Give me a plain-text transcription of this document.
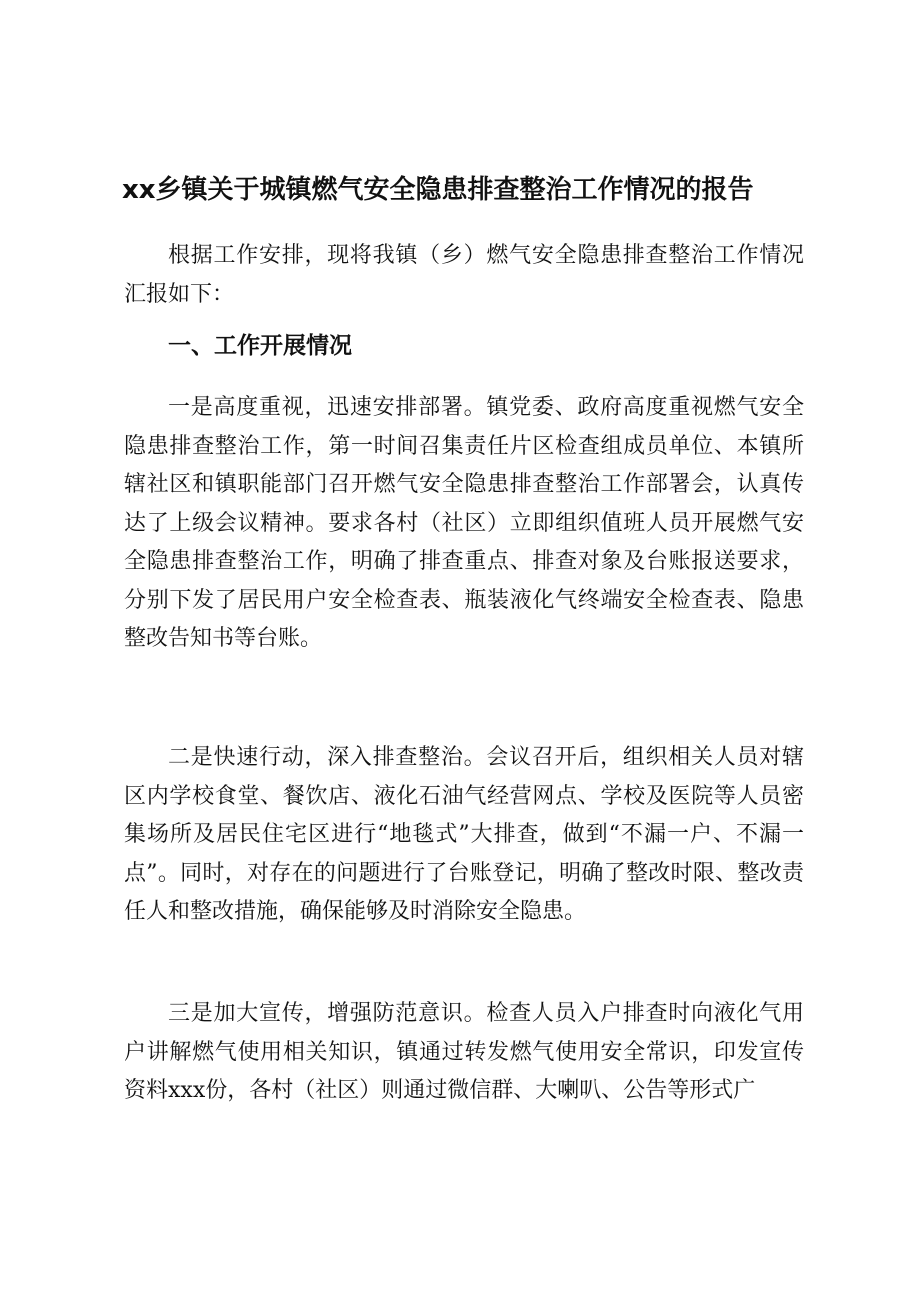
xx乡镇关于城镇燃气安全隐患排查整治工作情况的报告

根据工作安排，现将我镇（乡）燃气安全隐患排查整治工作情况汇报如下：

一、工作开展情况

一是高度重视，迅速安排部署。镇党委、政府高度重视燃气安全隐患排查整治工作，第一时间召集责任片区检查组成员单位、本镇所辖社区和镇职能部门召开燃气安全隐患排查整治工作部署会，认真传达了上级会议精神。要求各村（社区）立即组织值班人员开展燃气安全隐患排查整治工作，明确了排查重点、排查对象及台账报送要求，分别下发了居民用户安全检查表、瓶装液化气终端安全检查表、隐患整改告知书等台账。

二是快速行动，深入排查整治。会议召开后，组织相关人员对辖区内学校食堂、餐饮店、液化石油气经营网点、学校及医院等人员密集场所及居民住宅区进行“地毯式”大排查，做到“不漏一户、不漏一点”。同时，对存在的问题进行了台账登记，明确了整改时限、整改责任人和整改措施，确保能够及时消除安全隐患。

三是加大宣传，增强防范意识。检查人员入户排查时向液化气用户讲解燃气使用相关知识，镇通过转发燃气使用安全常识，印发宣传资料xxx份，各村（社区）则通过微信群、大喇叭、公告等形式广
